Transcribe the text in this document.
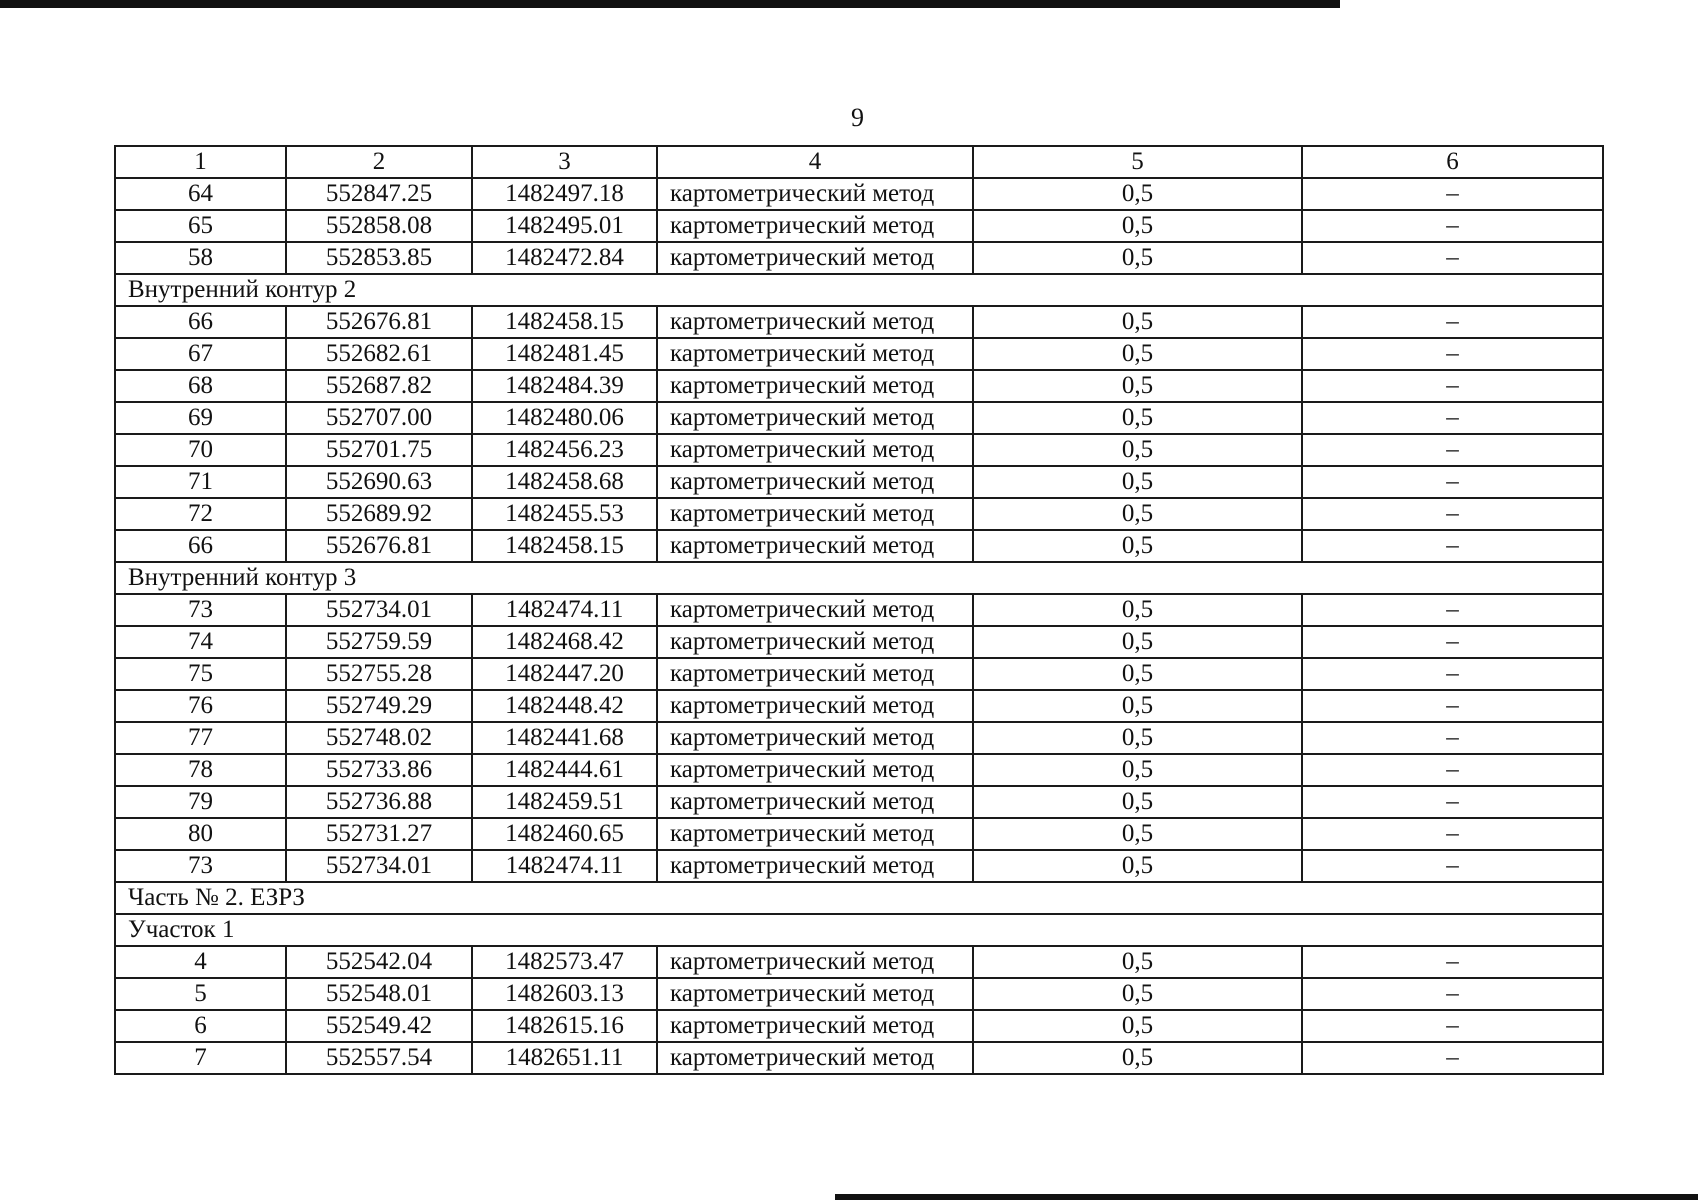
9
1	2	3	4	5	6
64	552847.25	1482497.18	картометрический метод	0,5	–
65	552858.08	1482495.01	картометрический метод	0,5	–
58	552853.85	1482472.84	картометрический метод	0,5	–
Внутренний контур 2					
66	552676.81	1482458.15	картометрический метод	0,5	–
67	552682.61	1482481.45	картометрический метод	0,5	–
68	552687.82	1482484.39	картометрический метод	0,5	–
69	552707.00	1482480.06	картометрический метод	0,5	–
70	552701.75	1482456.23	картометрический метод	0,5	–
71	552690.63	1482458.68	картометрический метод	0,5	–
72	552689.92	1482455.53	картометрический метод	0,5	–
66	552676.81	1482458.15	картометрический метод	0,5	–
Внутренний контур 3					
73	552734.01	1482474.11	картометрический метод	0,5	–
74	552759.59	1482468.42	картометрический метод	0,5	–
75	552755.28	1482447.20	картометрический метод	0,5	–
76	552749.29	1482448.42	картометрический метод	0,5	–
77	552748.02	1482441.68	картометрический метод	0,5	–
78	552733.86	1482444.61	картометрический метод	0,5	–
79	552736.88	1482459.51	картометрический метод	0,5	–
80	552731.27	1482460.65	картометрический метод	0,5	–
73	552734.01	1482474.11	картометрический метод	0,5	–
Часть № 2. ЕЗРЗ					
Участок 1					
4	552542.04	1482573.47	картометрический метод	0,5	–
5	552548.01	1482603.13	картометрический метод	0,5	–
6	552549.42	1482615.16	картометрический метод	0,5	–
7	552557.54	1482651.11	картометрический метод	0,5	–
